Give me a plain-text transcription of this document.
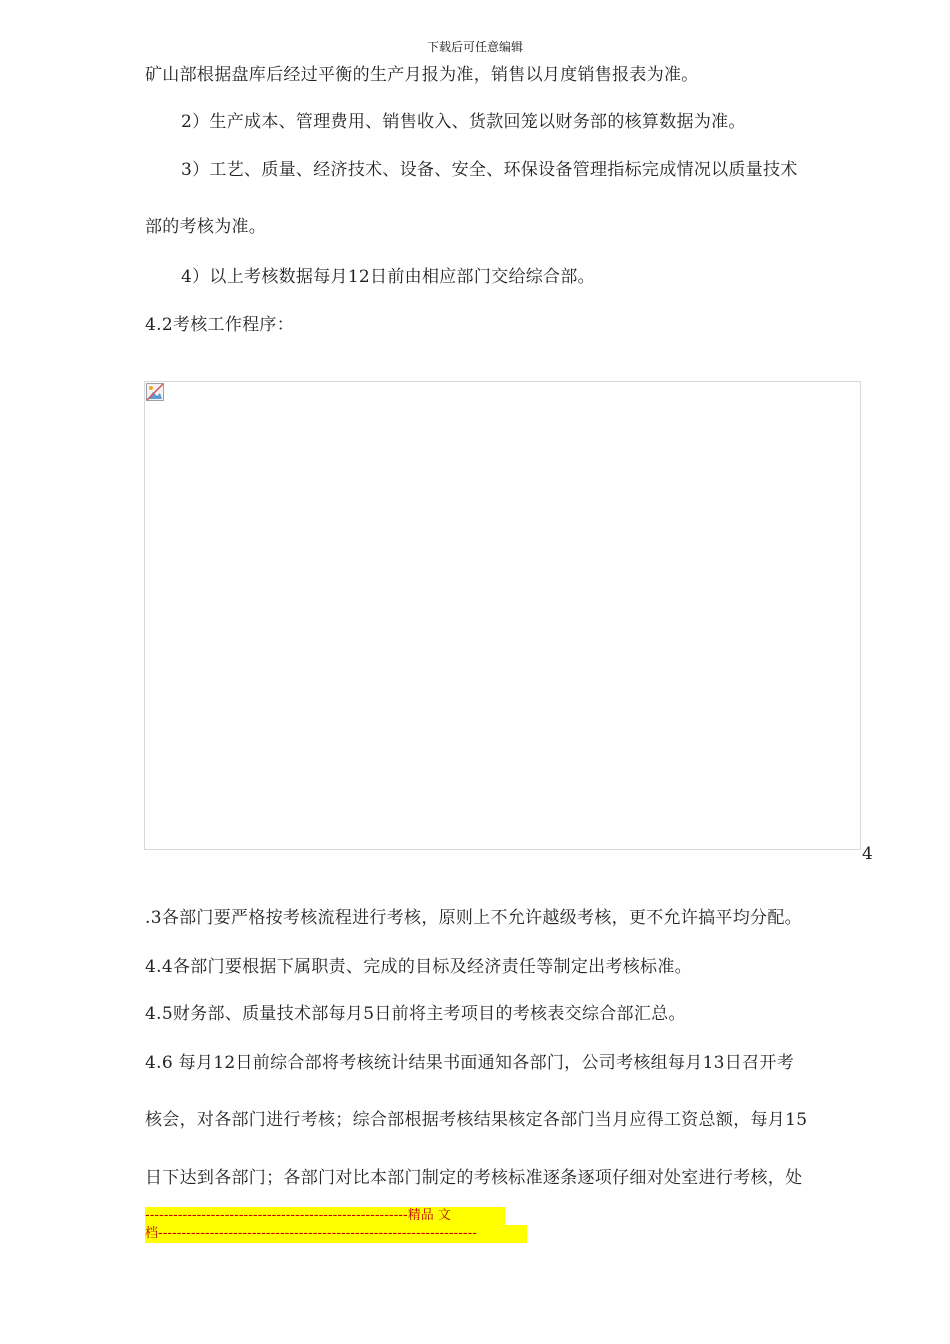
下载后可任意编辑
矿山部根据盘库后经过平衡的生产月报为准，销售以月度销售报表为准。
2）生产成本、管理费用、销售收入、货款回笼以财务部的核算数据为准。
3）工艺、质量、经济技术、设备、安全、环保设备管理指标完成情况以质量技术
部的考核为准。
4）以上考核数据每月12日前由相应部门交给综合部。
4.2考核工作程序：
4
.3各部门要严格按考核流程进行考核，原则上不允许越级考核，更不允许搞平均分配。
4.4各部门要根据下属职责、完成的目标及经济责任等制定出考核标准。
4.5财务部、质量技术部每月5日前将主考项目的考核表交综合部汇总。
4.6 每月12日前综合部将考核统计结果书面通知各部门，公司考核组每月13日召开考
核会，对各部门进行考核；综合部根据考核结果核定各部门当月应得工资总额，每月15
日下达到各部门；各部门对比本部门制定的考核标准逐条逐项仔细对处室进行考核，处
--------------------------------------------------------精品 文
档--------------------------------------------------------------------
